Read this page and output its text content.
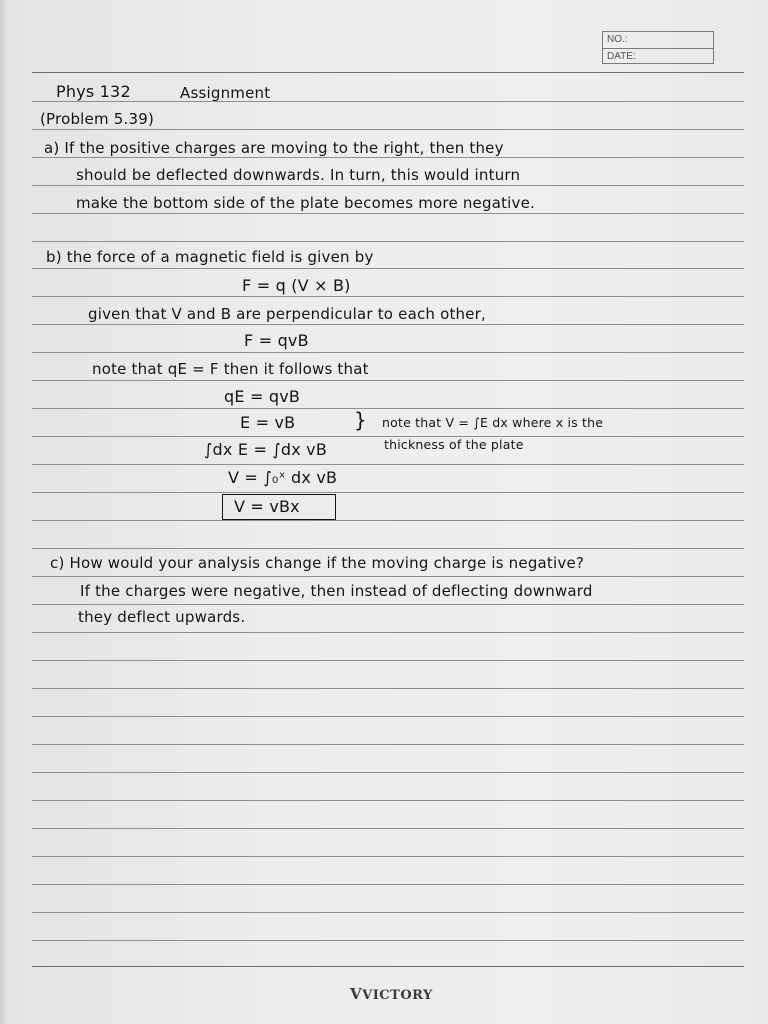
NO.:
DATE:
Phys 132	Assignment
(Problem 5.39)
a) If the positive charges are moving to the right, then they
should be deflected downwards. In turn, this would inturn
make the bottom side of the plate becomes more negative.
b) the force of a magnetic field is given by
F = q (V × B)
given that V and B are perpendicular to each other,
F = qvB
note that qE = F then it follows that
qE = qvB
E = vB	} note that V = ∫E dx where x is the
thickness of the plate
∫dx E = ∫dx vB
V = ∫₀ˣ dx vB
V = vBx
c) How would your analysis change if the moving charge is negative?
If the charges were negative, then instead of deflecting downward
they deflect upwards.
VVICTORY
